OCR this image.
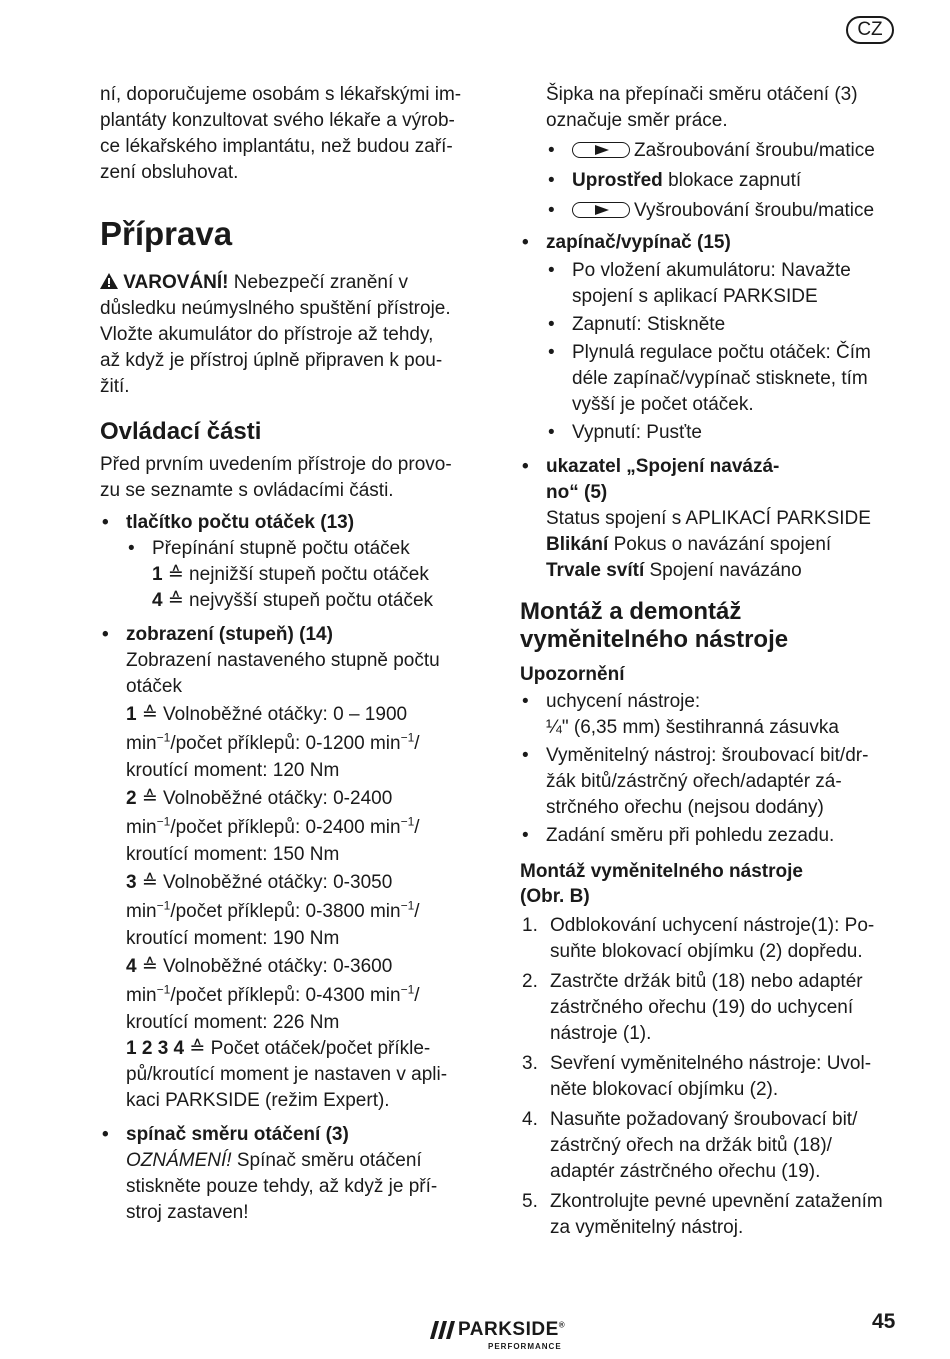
CZ

ní, doporučujeme osobám s lékařskými im-
plantáty konzultovat svého lékaře a výrob-
ce lékařského implantátu, než budou zaří-
zení obsluhovat.

Příprava

VAROVÁNÍ! Nebezpečí zranění v
důsledku neúmyslného spuštění přístroje.
Vložte akumulátor do přístroje až tehdy,
až když je přístroj úplně připraven k pou-
žití.

Ovládací části

Před prvním uvedením přístroje do provo-
zu se seznamte s ovládacími části.

• tlačítko počtu otáček (13)
• Přepínání stupně počtu otáček
1 ≙ nejnižší stupeň počtu otáček
4 ≙ nejvyšší stupeň počtu otáček
• zobrazení (stupeň) (14)
Zobrazení nastaveného stupně počtu
otáček
1 ≙ Volnoběžné otáčky: 0 – 1900
$\min^{-1}$/počet příklepů: 0-1200 $\min^{-1}/$
kroutící moment: 120 Nm
2 ≙ Volnoběžné otáčky: 0-2400
$\min^{-1}$/počet příklepů: 0-2400 $\min^{-1}/$
kroutící moment: 150 Nm
3 ≙ Volnoběžné otáčky: 0-3050
$\min^{-1}$/počet příklepů: 0-3800 $\min^{-1}/$
kroutící moment: 190 Nm
4 ≙ Volnoběžné otáčky: 0-3600
$\min^{-1}$/počet příklepů: 0-4300 $\min^{-1}/$
kroutící moment: 226 Nm
1 2 3 4 ≙ Počet otáček/počet příkle-
pů/kroutící moment je nastaven v apli-
kaci PARKSIDE (režim Expert).
• spínač směru otáčení (3)
OZNÁMENÍ! Spínač směru otáčení
stiskněte pouze tehdy, až když je pří-
stroj zastaven!

Šipka na přepínači směru otáčení (3)
označuje směr práce.

• Zašroubování šroubu/matice
• Uprostřed blokace zapnutí
• Vyšroubování šroubu/matice
• zapínač/vypínač (15)
• Po vložení akumulátoru: Navažte
spojení s aplikací PARKSIDE
• Zapnutí: Stiskněte
• Plynulá regulace počtu otáček: Čím
déle zapínač/vypínač stisknete, tím
vyšší je počet otáček.
• Vypnutí: Pusťte
• ukazatel „Spojení navázá-
no“ (5)
Status spojení s APLIKACÍ PARKSIDE
Blikání Pokus o navázání spojení
Trvale svítí Spojení navázáno
Montáž a demontáž
vyměnitelného nástroje
Upozornění
• uchycení nástroje:
¼" (6,35 mm) šestihranná zásuvka
• Vyměnitelný nástroj: šroubovací bit/dr-
žák bitů/zástrčný ořech/adaptér zá-
strčného ořechu (nejsou dodány)
• Zadání směru při pohledu zezadu.
Montáž vyměnitelného nástroje
(Obr. B)
1. Odblokování uchycení nástroje(1): Po-
suňte blokovací objímku (2) dopředu.
2. Zastrčte držák bitů (18) nebo adaptér
zástrčného ořechu (19) do uchycení
nástroje (1).
3. Sevření vyměnitelného nástroje: Uvol-
něte blokovací objímku (2).
4. Nasuňte požadovaný šroubovací bit/
zástrčný ořech na držák bitů (18)/
adaptér zástrčného ořechu (19).
5. Zkontrolujte pevné upevnění zatažením
za vyměnitelný nástroj.
PARKSIDE®
PERFORMANCE
45
